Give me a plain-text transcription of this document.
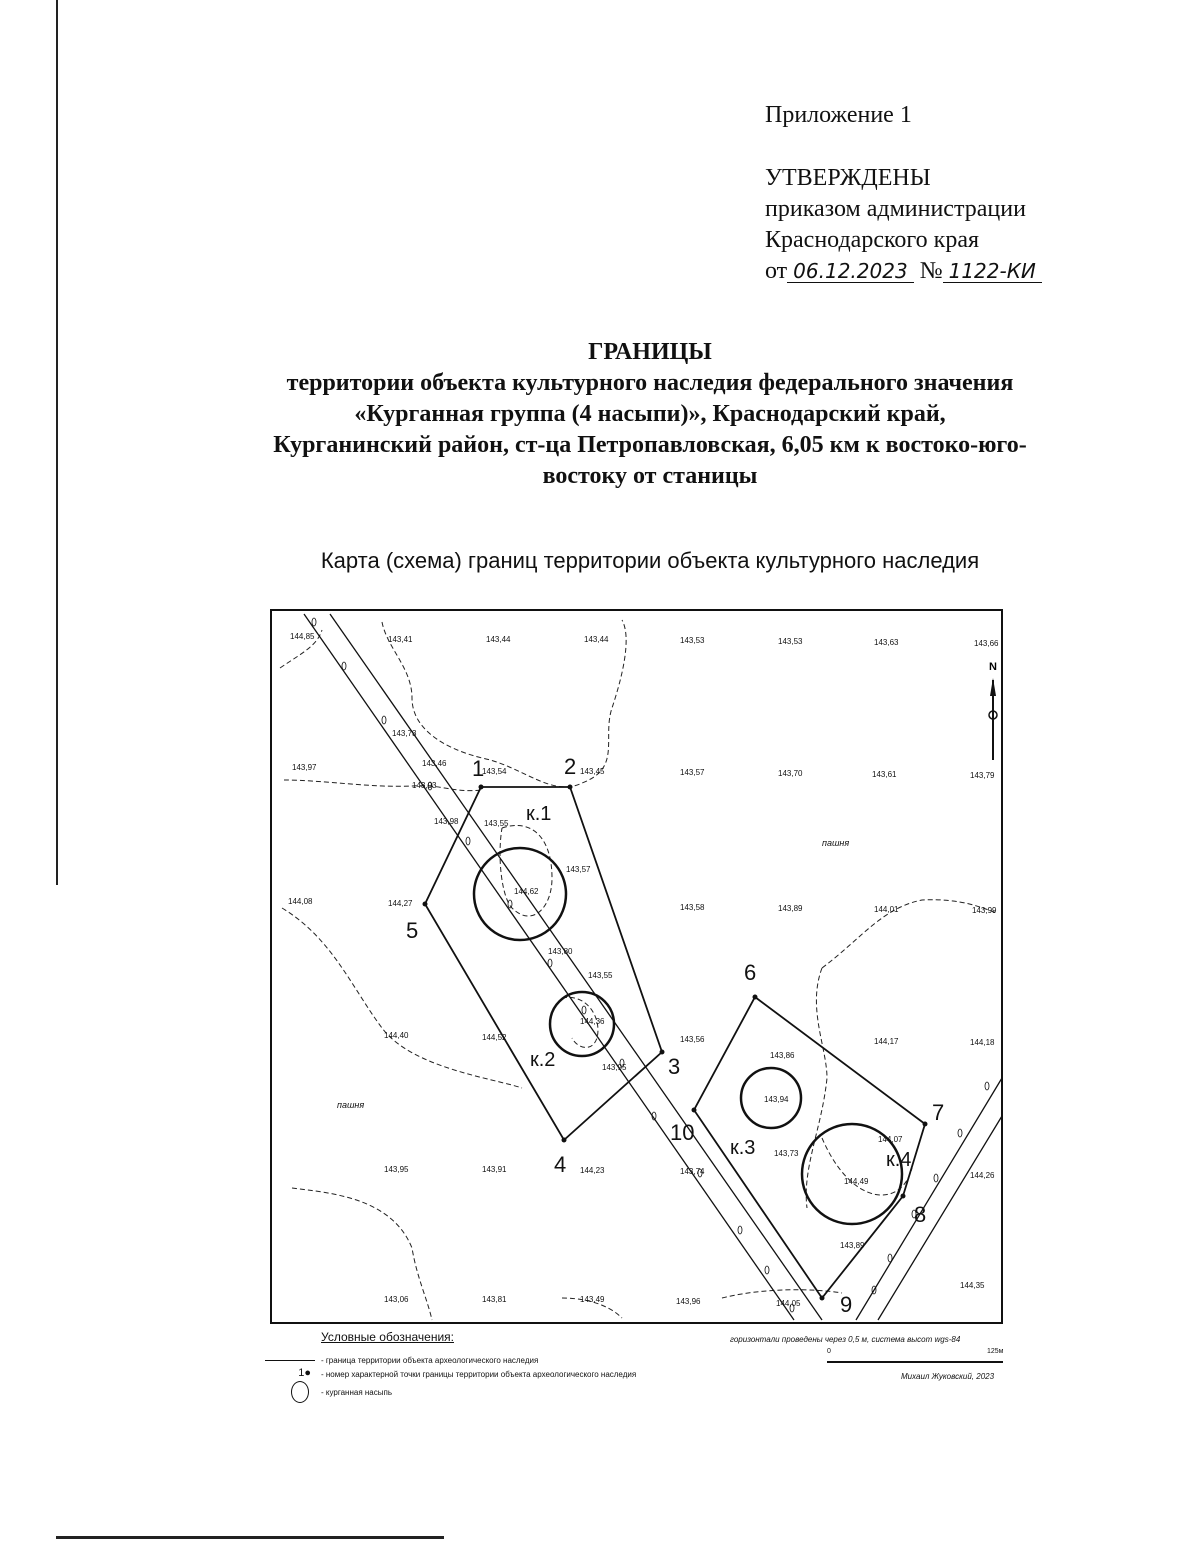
Приложение 1
УТВЕРЖДЕНЫ
приказом администрации
Краснодарского края
от 06.12.2023 № 1122-КИ
ГРАНИЦЫ
территории объекта культурного наследия федерального значения
«Курганная группа (4 насыпи)», Краснодарский край,
Курганинский район, ст-ца Петропавловская, 6,05 км к востоко-юго-
востоку от станицы
Карта (схема) границ территории объекта культурного наследия
N
к.1
к.2
к.3
к.4
1	2
3
4
5
6
7
8
9
10
пашня
пашня
144,85	143,41	143,44	143,44	143,53	143,53	143,63	143,66
143,73
143,97	143,46
143,54	143,45	143,57	143,70	143,61	143,79
143,93
143,98	143,55
143,57
144,62
144,08	144,27	143,58	143,89	144,01	143,99
143,80
143,55
144,36
144,40	144,52	143,56	144,17	144,18
143,86
143,95
143,94
144,07
143,73
144,49
143,95	143,91	144,23	143,74	144,26
143,89
143,06	143,81	143,49	143,96	144,05
144,35
Условные обозначения:
- граница территории объекта археологического наследия
1●	- номер характерной точки границы территории объекта археологического наследия
- курганная насыпь
горизонтали проведены через 0,5 м, система высот wgs-84
0	125м
Михаил Жуковский, 2023
